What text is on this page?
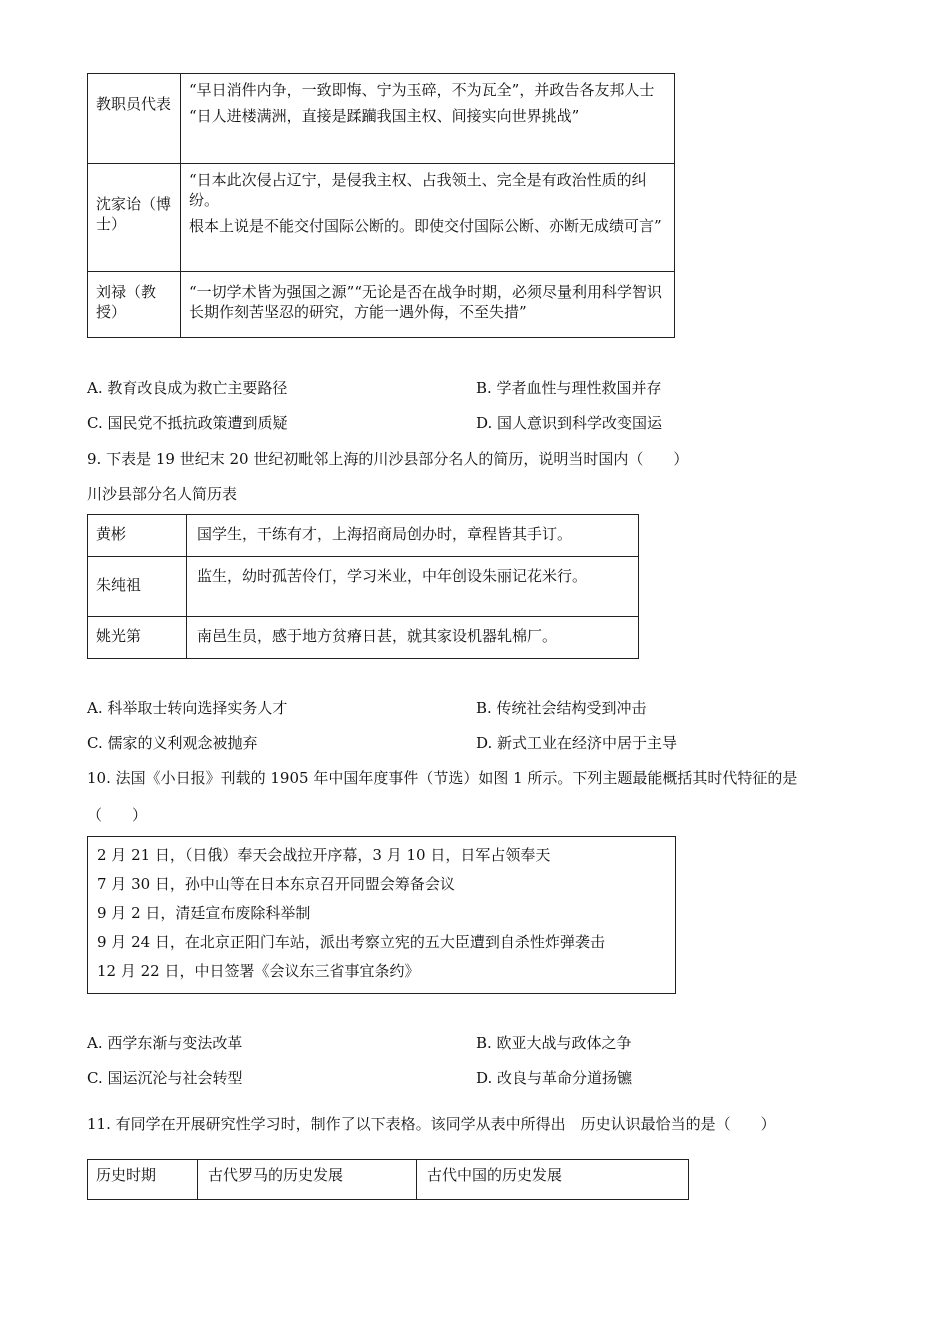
教职员代表	“早日消件内争，一致即悔、宁为玉碎，不为瓦全”，并政告各友邦人士

“日人进楼满洲，直接是蹂躏我国主权、间接实向世界挑战”

沈家诒（博士）	“日本此次侵占辽宁，是侵我主权、占我领土、完全是有政治性质的纠纷。

根本上说是不能交付国际公断的。即使交付国际公断、亦断无成绩可言”

刘禄（教授）	“一切学术皆为强国之源”“无论是否在战争时期，必须尽量利用科学智识长期作刻苦坚忍的研究，方能一遇外侮，不至失措”

A. 教育改良成为救亡主要路径	B. 学者血性与理性救国并存
C. 国民党不抵抗政策遭到质疑	D. 国人意识到科学改变国运
9. 下表是 19 世纪末 20 世纪初毗邻上海的川沙县部分名人的简历，说明当时国内（　　）
川沙县部分名人简历表
黄彬	国学生，干练有才，上海招商局创办时，章程皆其手订。

朱纯祖	监生，幼时孤苦伶仃，学习米业，中年创设朱丽记花米行。

姚光第	南邑生员，感于地方贫瘠日甚，就其家设机器轧棉厂。
A. 科举取士转向选择实务人才	B. 传统社会结构受到冲击
C. 儒家的义利观念被抛弃	D. 新式工业在经济中居于主导
10. 法国《小日报》刊载的 1905 年中国年度事件（节选）如图 1 所示。下列主题最能概括其时代特征的是
（　　）
2 月 21 日，（日俄）奉天会战拉开序幕，3 月 10 日，日军占领奉天
7 月 30 日，孙中山等在日本东京召开同盟会筹备会议
9 月 2 日，清廷宣布废除科举制
9 月 24 日，在北京正阳门车站，派出考察立宪的五大臣遭到自杀性炸弹袭击
12 月 22 日，中日签署《会议东三省事宜条约》
A. 西学东渐与变法改革	B. 欧亚大战与政体之争
C. 国运沉沦与社会转型	D. 改良与革命分道扬镳
11. 有同学在开展研究性学习时，制作了以下表格。该同学从表中所得出　历史认识最恰当的是（　　）
历史时期	古代罗马的历史发展	古代中国的历史发展
